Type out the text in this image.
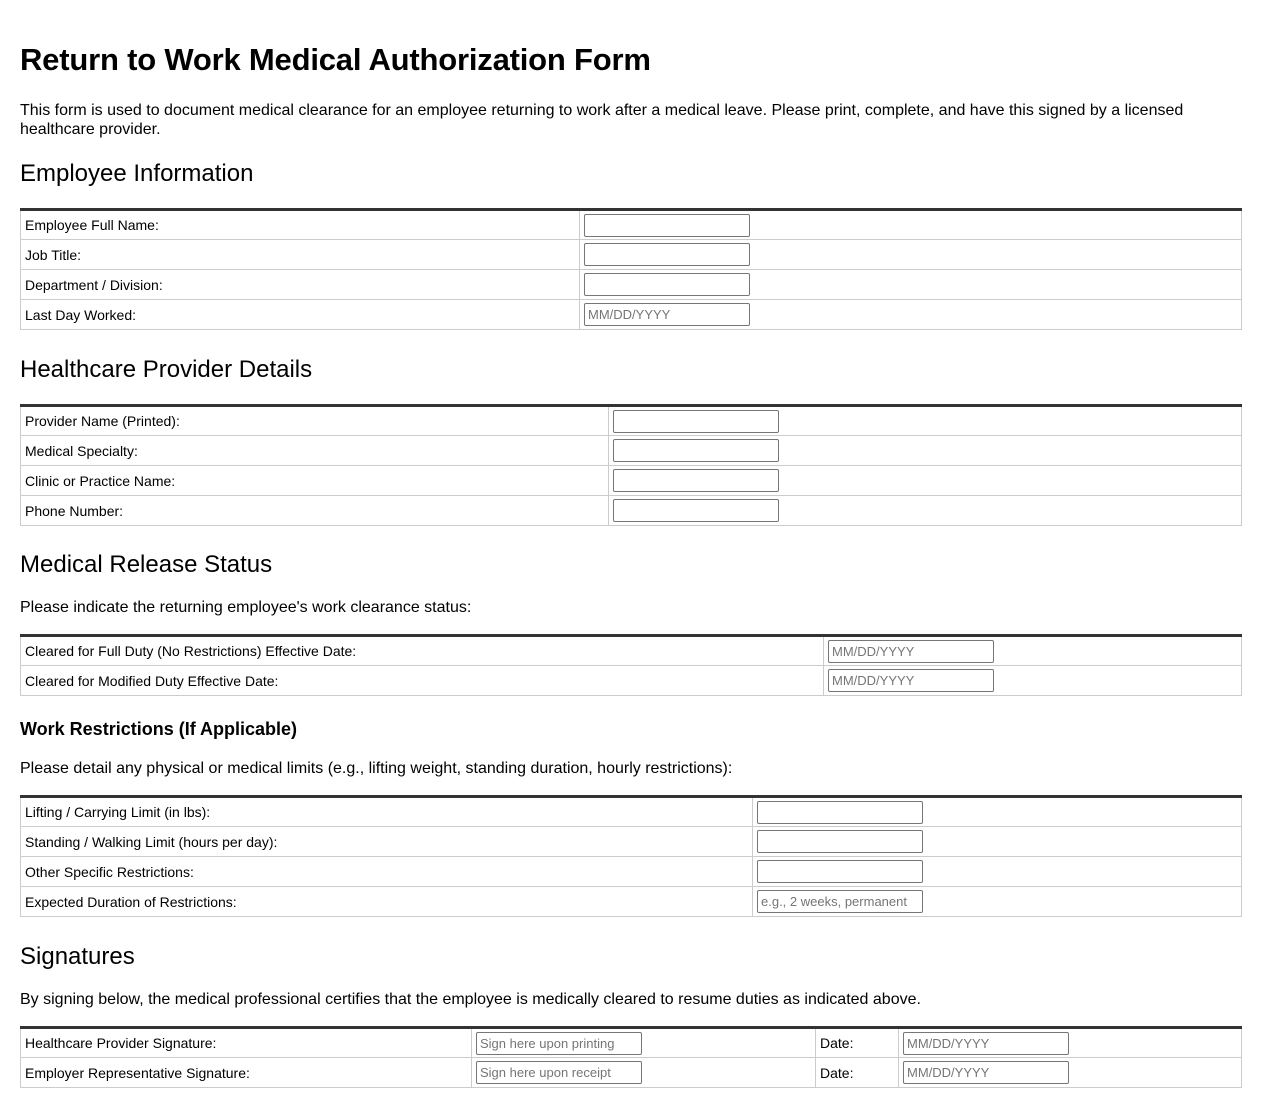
Return to Work Medical Authorization Form

This form is used to document medical clearance for an employee returning to work after a medical leave. Please print, complete, and have this signed by a licensed healthcare provider.

Employee Information
Employee Full Name:	

Job Title:	

Department / Division:	

Last Day Worked:	
MM/DD/YYYY
Healthcare Provider Details
Provider Name (Printed):	

Medical Specialty:	

Clinic or Practice Name:	

Phone Number:	
Medical Release Status

Please indicate the returning employee's work clearance status:

Cleared for Full Duty (No Restrictions) Effective Date:	
MM/DD/YYYY
Cleared for Modified Duty Effective Date:	
MM/DD/YYYY
Work Restrictions (If Applicable)

Please detail any physical or medical limits (e.g., lifting weight, standing duration, hourly restrictions):

Lifting / Carrying Limit (in lbs):	

Standing / Walking Limit (hours per day):	

Other Specific Restrictions:	

Expected Duration of Restrictions:	
e.g., 2 weeks, permanent
Signatures

By signing below, the medical professional certifies that the employee is medically cleared to resume duties as indicated above.

Healthcare Provider Signature:	
Sign here upon printing	Date:	
MM/DD/YYYY
Employer Representative Signature:	
Sign here upon receipt	Date:	
MM/DD/YYYY
